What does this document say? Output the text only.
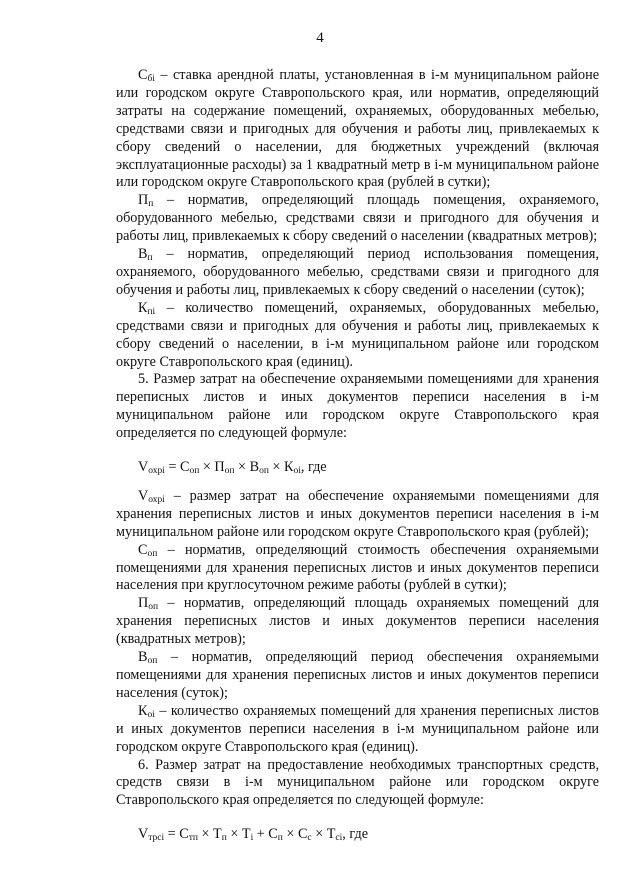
4

$C_{бi}$ – ставка арендной платы, установленная в i-м муниципальном районе или городском округе Ставропольского края, или норматив, определяющий затраты на содержание помещений, охраняемых, оборудованных мебелью, средствами связи и пригодных для обучения и работы лиц, привлекаемых к сбору сведений о населении, для бюджетных учреждений (включая эксплуатационные расходы) за 1 квадратный метр в i-м муниципальном районе или городском округе Ставропольского края (рублей в сутки);

$П_п$ – норматив, определяющий площадь помещения, охраняемого, оборудованного мебелью, средствами связи и пригодного для обучения и работы лиц, привлекаемых к сбору сведений о населении (квадратных метров);

$В_п$ – норматив, определяющий период использования помещения, охраняемого, оборудованного мебелью, средствами связи и пригодного для обучения и работы лиц, привлекаемых к сбору сведений о населении (суток);

$К_{пi}$ – количество помещений, охраняемых, оборудованных мебелью, средствами связи и пригодных для обучения и работы лиц, привлекаемых к сбору сведений о населении, в i-м муниципальном районе или городском округе Ставропольского края (единиц).

5. Размер затрат на обеспечение охраняемыми помещениями для хранения переписных листов и иных документов переписи населения в i-м муниципальном районе или городском округе Ставропольского края определяется по следующей формуле:

$V_{охрi} = C_{оп} \times П_{оп} \times В_{оп} \times К_{оi}$, где

$V_{охрi}$ – размер затрат на обеспечение охраняемыми помещениями для хранения переписных листов и иных документов переписи населения в i-м муниципальном районе или городском округе Ставропольского края (рублей);

$C_{оп}$ – норматив, определяющий стоимость обеспечения охраняемыми помещениями для хранения переписных листов и иных документов переписи населения при круглосуточном режиме работы (рублей в сутки);

$П_{оп}$ – норматив, определяющий площадь охраняемых помещений для хранения переписных листов и иных документов переписи населения (квадратных метров);

$В_{оп}$ – норматив, определяющий период обеспечения охраняемыми помещениями для хранения переписных листов и иных документов переписи населения (суток);

$К_{оi}$ – количество охраняемых помещений для хранения переписных листов и иных документов переписи населения в i-м муниципальном районе или городском округе Ставропольского края (единиц).

6. Размер затрат на предоставление необходимых транспортных средств, средств связи в i-м муниципальном районе или городском округе Ставропольского края определяется по следующей формуле:

$V_{трсi} = C_{тп} \times Т_п \times Т_i + C_п \times C_с \times Т_{сi}$, где
